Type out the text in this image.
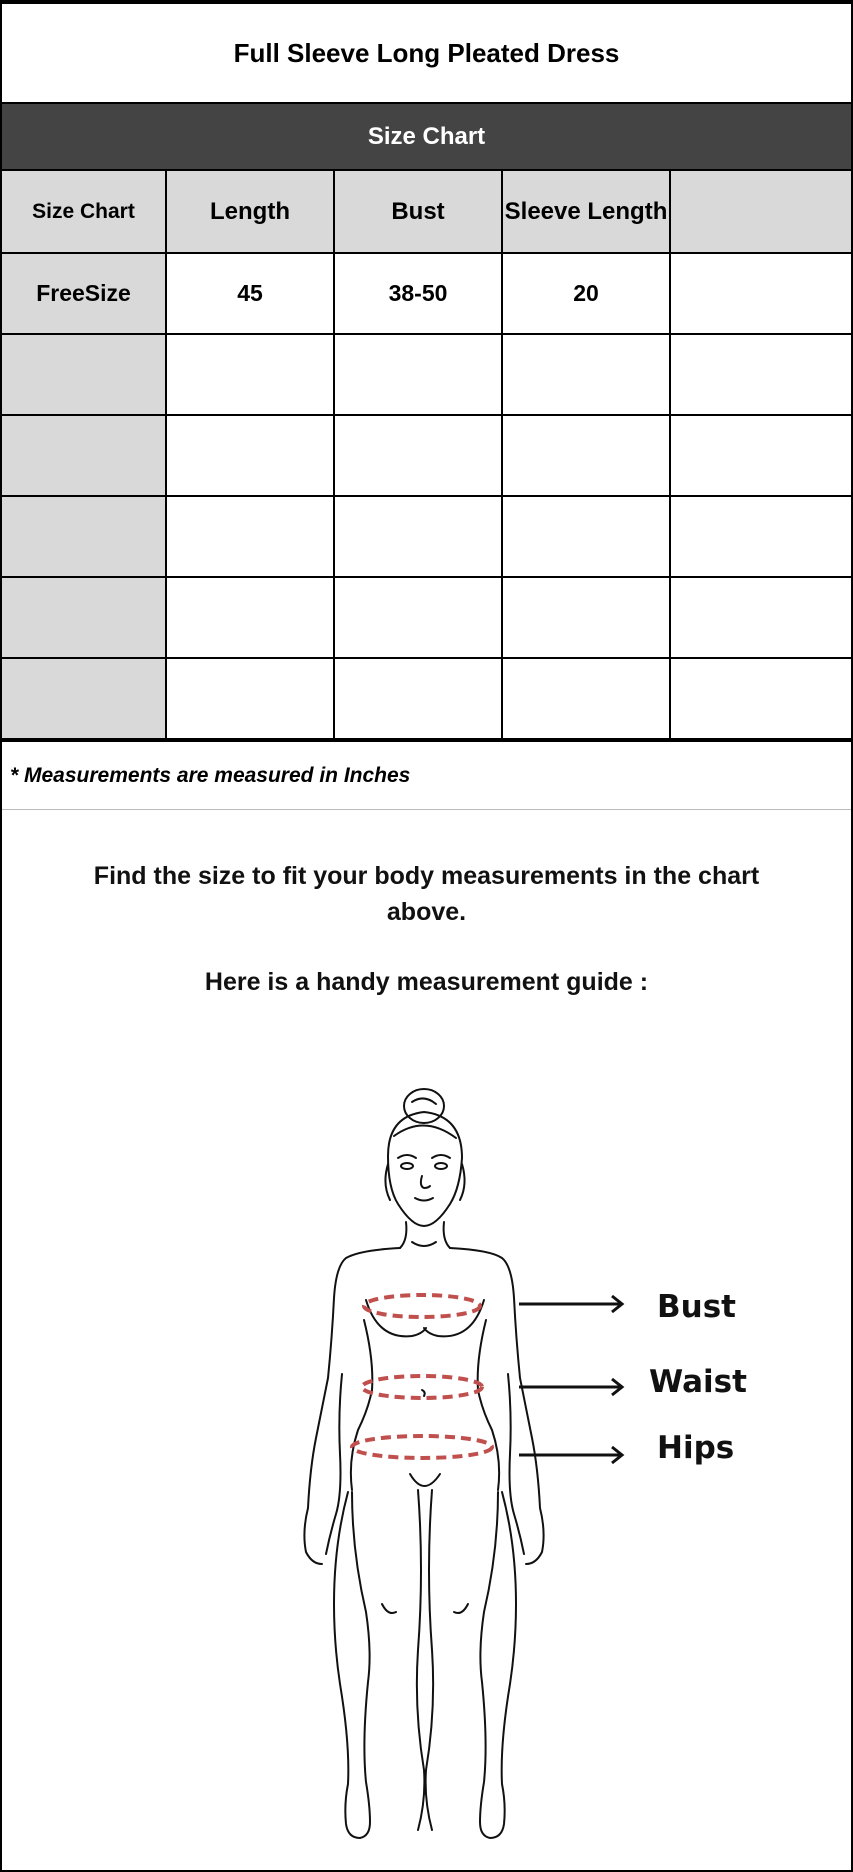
Full Sleeve Long Pleated Dress
Size Chart
Size Chart	Length	Bust	Sleeve Length	
FreeSize	45	38-50	20	

* Measurements are measured in Inches
Find the size to fit your body measurements in the chart above.
Here is a handy measurement guide :
Bust
Waist
Hips
